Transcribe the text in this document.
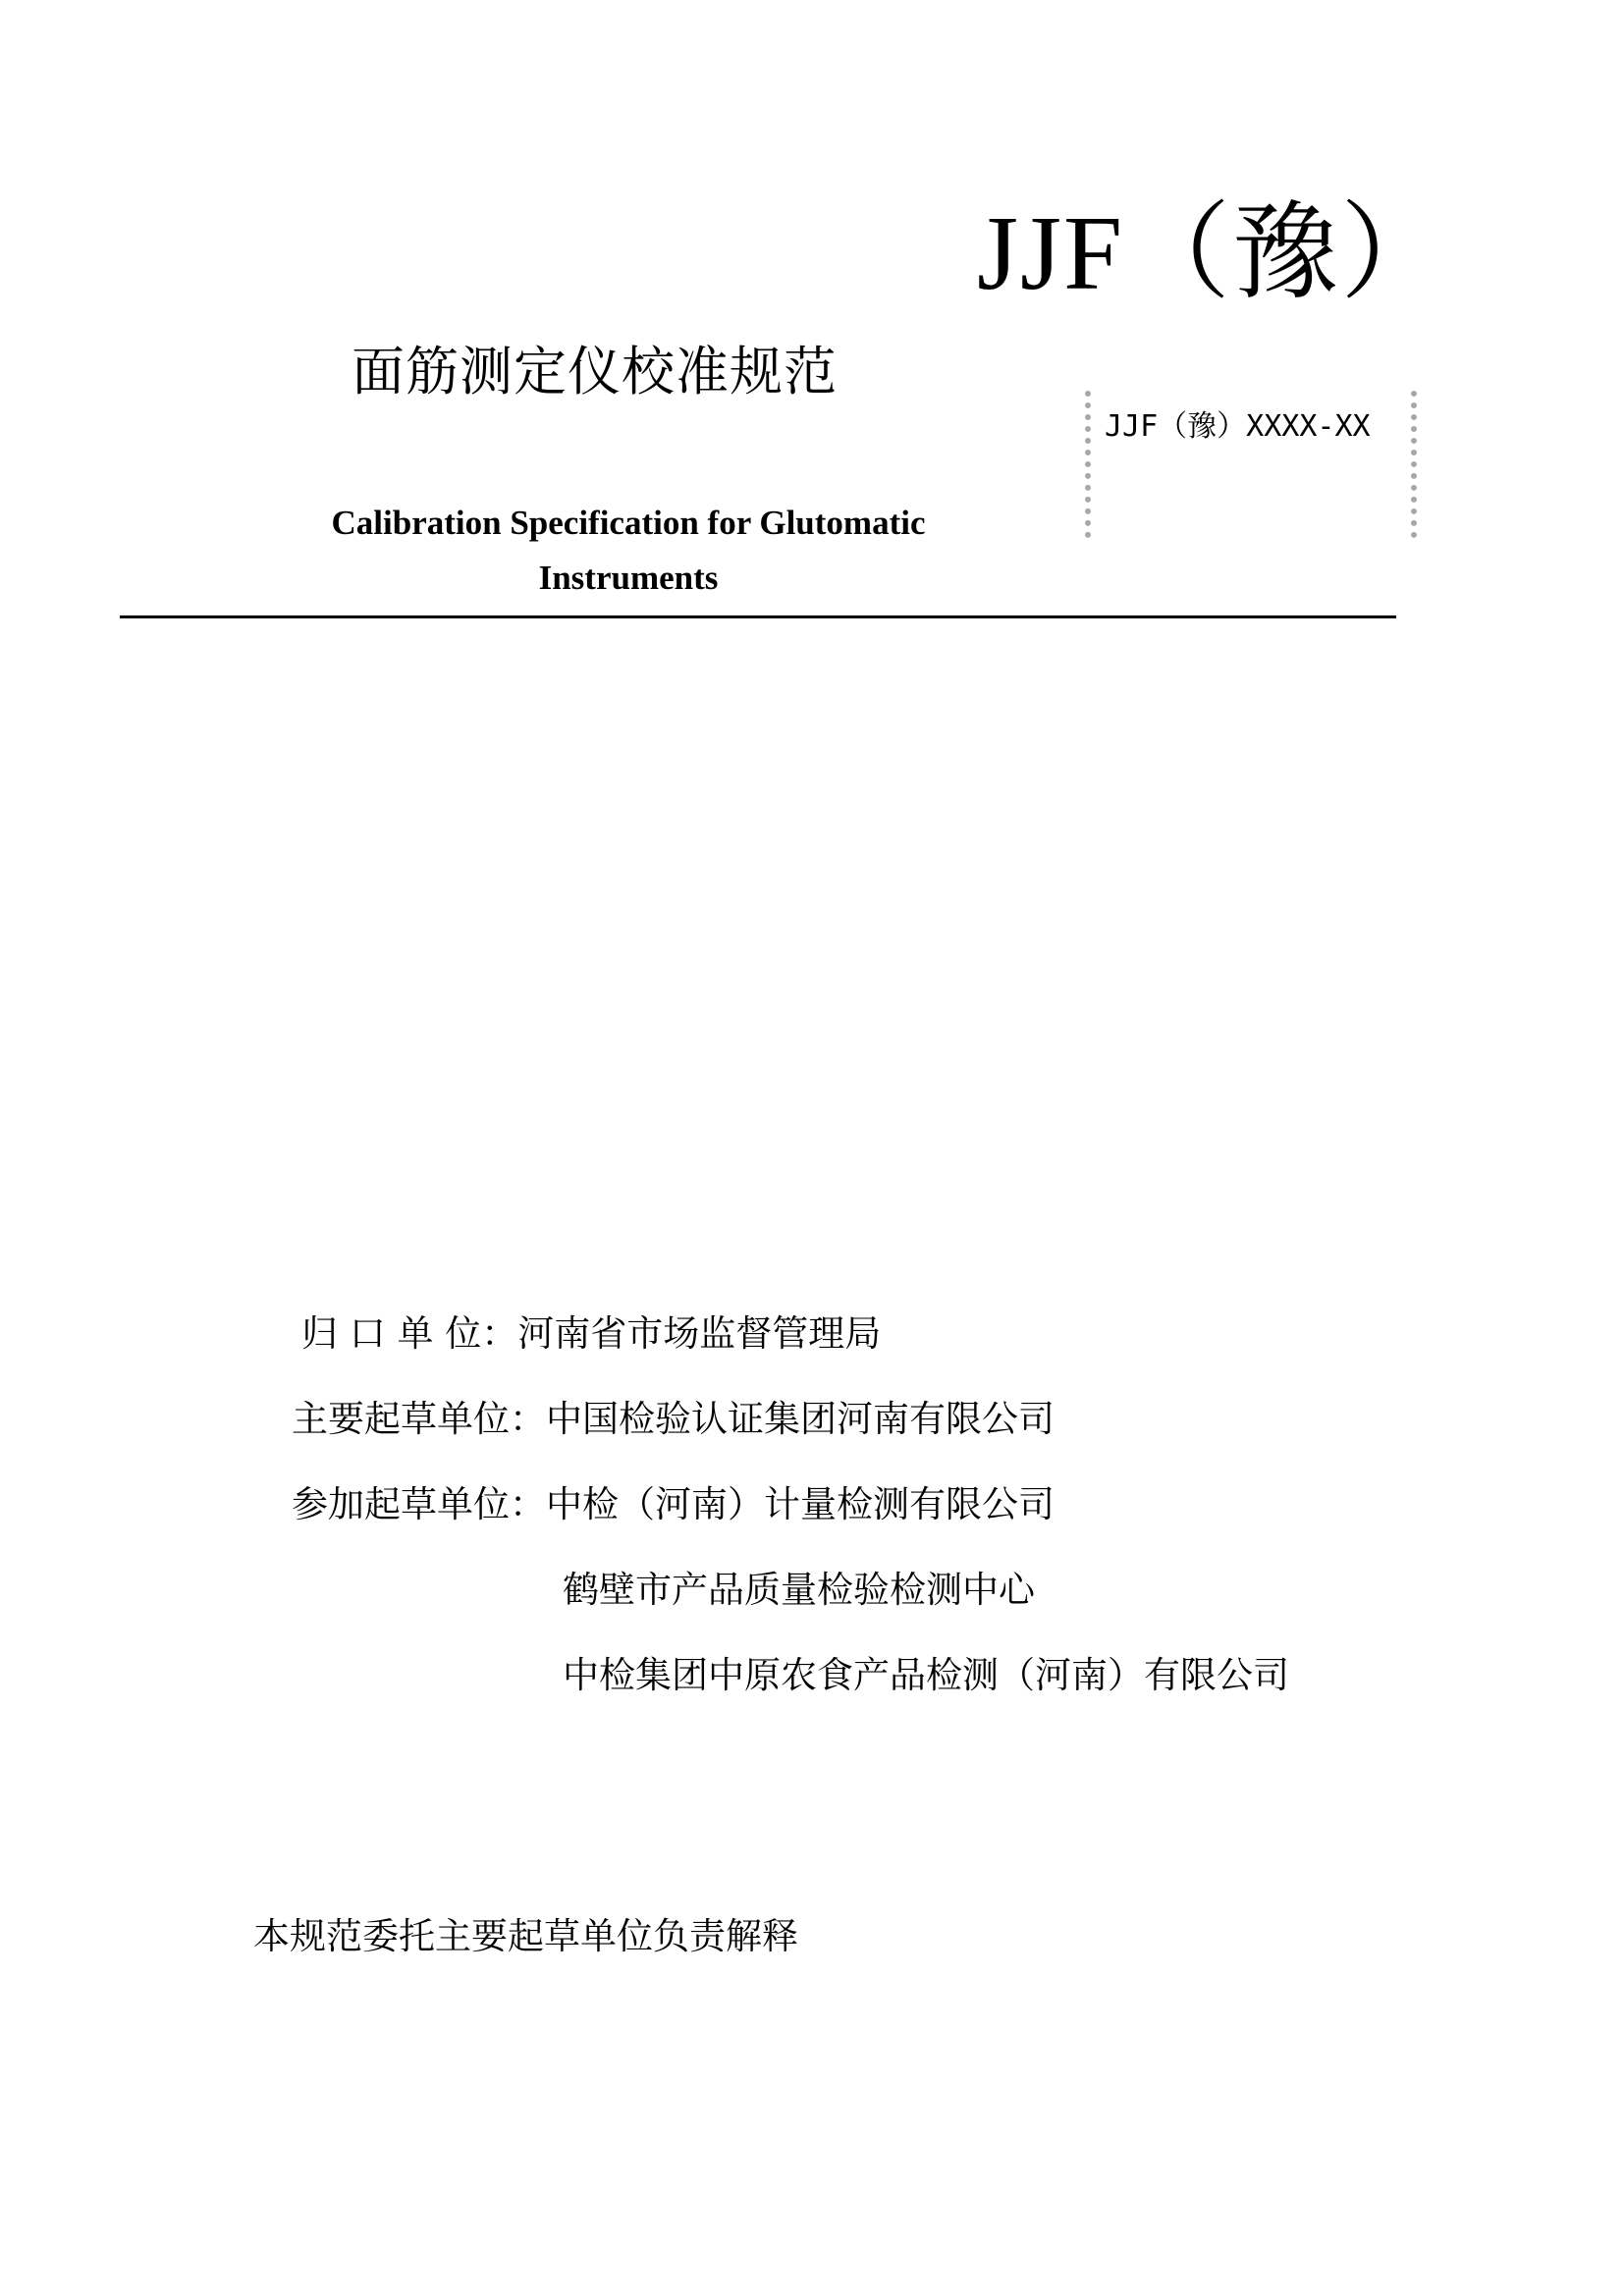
JJF（豫）
面筋测定仪校准规范
JJF（豫）XXXX-XX
Calibration Specification for Glutomatic
Instruments
归 口 单 位：河南省市场监督管理局
主要起草单位：中国检验认证集团河南有限公司
参加起草单位：中检（河南）计量检测有限公司
鹤壁市产品质量检验检测中心
中检集团中原农食产品检测（河南）有限公司
本规范委托主要起草单位负责解释
